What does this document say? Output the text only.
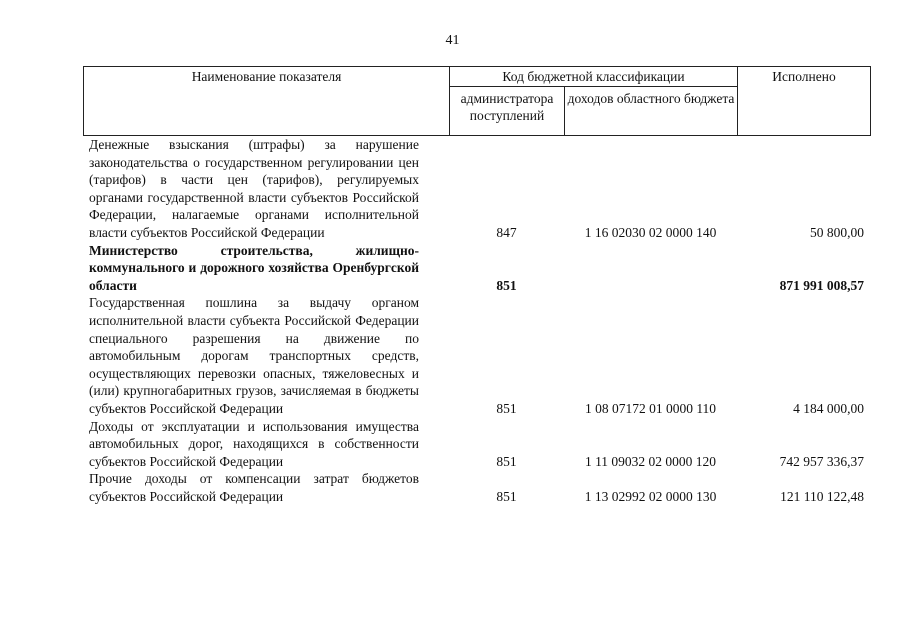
41
Наименование показателя	Код бюджетной классификации		Исполнено
	администратора поступлений	доходов областного бюджета	
Денежные взыскания (штрафы) за нарушение законодательства о государственном регулировании цен (тарифов) в части цен (тарифов), регулируемых органами государственной власти субъектов Российской Федерации, налагаемые органами исполнительной власти субъектов Российской Федерации	847	1 16 02030 02 0000 140	50 800,00
Министерство строительства, жилищно-коммунального и дорожного хозяйства Оренбургской области	851		871 991 008,57
Государственная пошлина за выдачу органом исполнительной власти субъекта Российской Федерации специального разрешения на движение по автомобильным дорогам транспортных средств, осуществляющих перевозки опасных, тяжеловесных и (или) крупногабаритных грузов, зачисляемая в бюджеты субъектов Российской Федерации	851	1 08 07172 01 0000 110	4 184 000,00
Доходы от эксплуатации и использования имущества автомобильных дорог, находящихся в собственности субъектов Российской Федерации	851	1 11 09032 02 0000 120	742 957 336,37
Прочие доходы от компенсации затрат бюджетов субъектов Российской Федерации	851	1 13 02992 02 0000 130	121 110 122,48
